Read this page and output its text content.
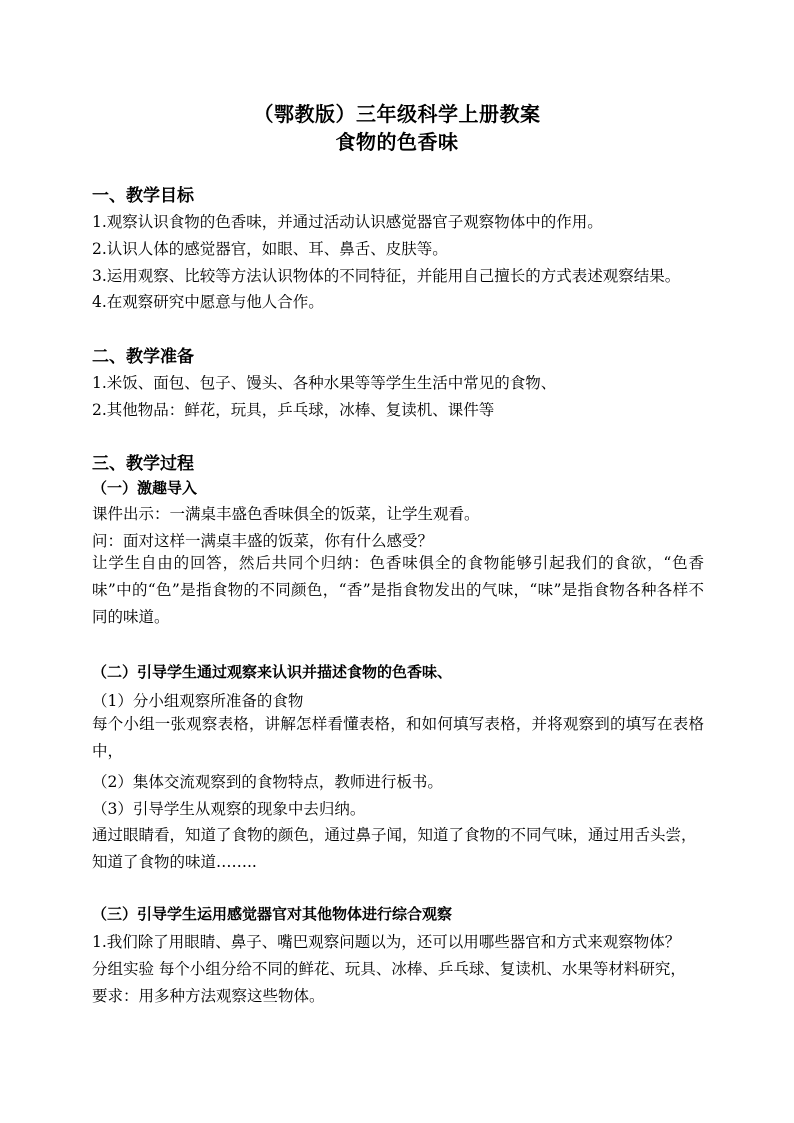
（鄂教版）三年级科学上册教案
食物的色香味
一、教学目标
1.观察认识食物的色香味，并通过活动认识感觉器官子观察物体中的作用。
2.认识人体的感觉器官，如眼、耳、鼻舌、皮肤等。
3.运用观察、比较等方法认识物体的不同特征，并能用自己擅长的方式表述观察结果。
4.在观察研究中愿意与他人合作。
二、教学准备
1.米饭、面包、包子、馒头、各种水果等等学生生活中常见的食物、
2.其他物品：鲜花，玩具，乒乓球，冰棒、复读机、课件等
三、教学过程
（一）激趣导入
课件出示：一满桌丰盛色香味俱全的饭菜，让学生观看。
问：面对这样一满桌丰盛的饭菜，你有什么感受？
让学生自由的回答，然后共同个归纳：色香味俱全的食物能够引起我们的食欲，“色香味”中的“色”是指食物的不同颜色，“香”是指食物发出的气味，“味”是指食物各种各样不同的味道。
（二）引导学生通过观察来认识并描述食物的色香味、
（1）分小组观察所准备的食物
每个小组一张观察表格，讲解怎样看懂表格，和如何填写表格，并将观察到的填写在表格中，
（2）集体交流观察到的食物特点，教师进行板书。
（3）引导学生从观察的现象中去归纳。
通过眼睛看，知道了食物的颜色，通过鼻子闻，知道了食物的不同气味，通过用舌头尝，
知道了食物的味道……..
（三）引导学生运用感觉器官对其他物体进行综合观察
1.我们除了用眼睛、鼻子、嘴巴观察问题以为，还可以用哪些器官和方式来观察物体？
分组实验 每个小组分给不同的鲜花、玩具、冰棒、乒乓球、复读机、水果等材料研究，
要求：用多种方法观察这些物体。
